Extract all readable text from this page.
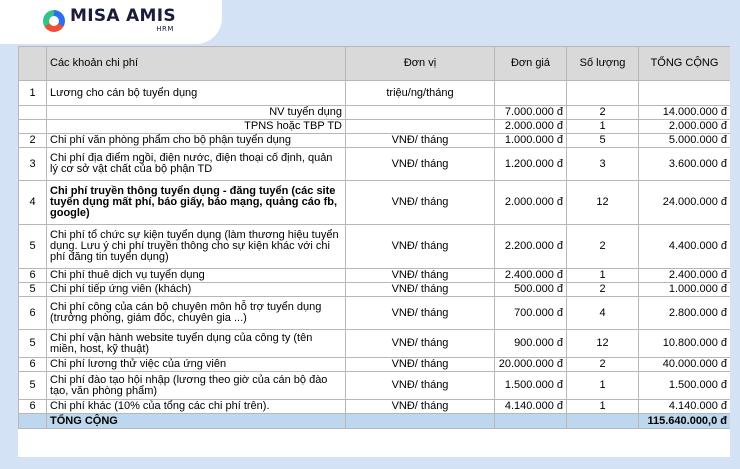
MISA AMIS
HRM
	Các khoản chi phí	Đơn vị	Đơn giá	Số lượng	TỔNG CỘNG
1	Lương cho cán bộ tuyển dụng	triệu/ng/tháng			
	NV tuyển dụng		7.000.000 đ	2	14.000.000 đ
	TPNS hoặc TBP TD		2.000.000 đ	1	2.000.000 đ
2	Chi phí văn phòng phẩm cho bộ phận tuyển dụng	VNĐ/ tháng	1.000.000 đ	5	5.000.000 đ
3	Chi phí địa điểm ngồi, điện nước, điện thoại cố định, quản lý cơ sở vật chất của bộ phận TD	VNĐ/ tháng	1.200.000 đ	3	3.600.000 đ
4	Chi phí truyền thông tuyển dụng - đăng tuyển (các site tuyển dụng mất phí, báo giấy, báo mạng, quảng cáo fb, google)	VNĐ/ tháng	2.000.000 đ	12	24.000.000 đ
5	Chi phí tổ chức sự kiện tuyển dụng (làm thương hiệu tuyển dụng. Lưu ý chi phí truyền thông cho sự kiện khác với chi phí đăng tin tuyển dụng)	VNĐ/ tháng	2.200.000 đ	2	4.400.000 đ
6	Chi phí thuê dịch vụ tuyển dụng	VNĐ/ tháng	2.400.000 đ	1	2.400.000 đ
5	Chi phí tiếp ứng viên (khách)	VNĐ/ tháng	500.000 đ	2	1.000.000 đ
6	Chi phí công của cán bộ chuyên môn hỗ trợ tuyển dụng (trưởng phòng, giám đốc, chuyên gia ...)	VNĐ/ tháng	700.000 đ	4	2.800.000 đ
5	Chi phí vận hành website tuyển dụng của công ty (tên miền, host, kỹ thuật)	VNĐ/ tháng	900.000 đ	12	10.800.000 đ
6	Chi phí lương thử việc của ứng viên	VNĐ/ tháng	20.000.000 đ	2	40.000.000 đ
5	Chi phí đào tạo hội nhập (lương theo giờ của cán bộ đào tạo, văn phòng phẩm)	VNĐ/ tháng	1.500.000 đ	1	1.500.000 đ
6	Chi phí khác (10% của tổng các chi phí trên).	VNĐ/ tháng	4.140.000 đ	1	4.140.000 đ
	TỔNG CỘNG				115.640.000,0 đ
